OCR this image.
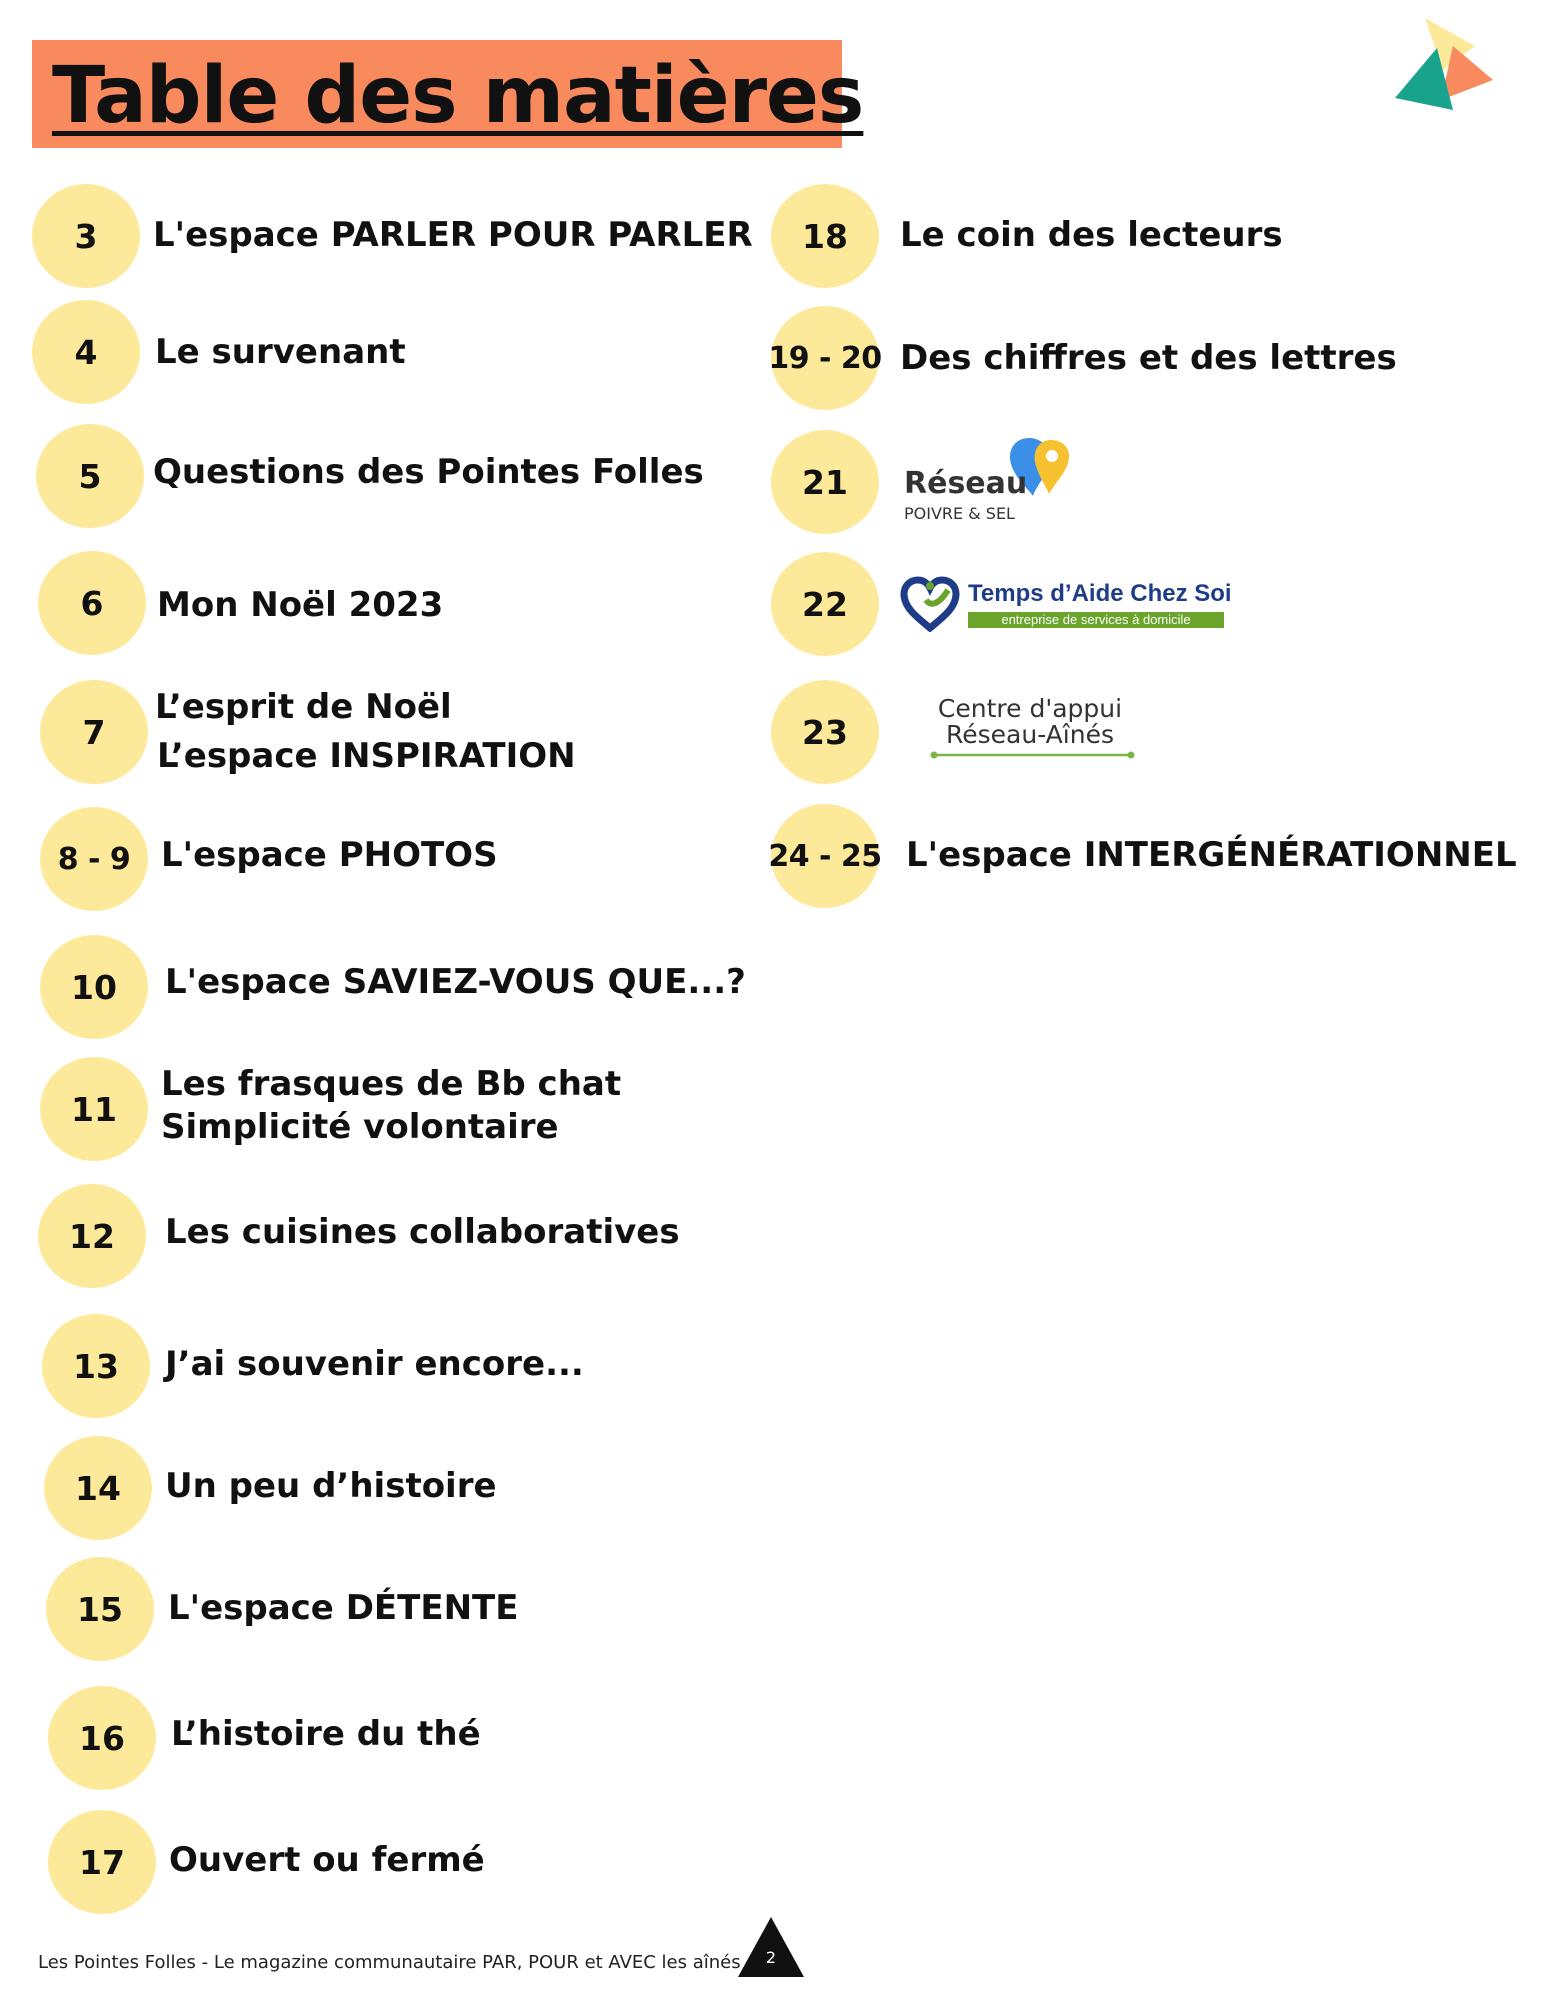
Table des matières
3	L'espace PARLER POUR PARLER
4	Le survenant
5	Questions des Pointes Folles
6	Mon Noël 2023
7
L’esprit de Noël
L’espace INSPIRATION
8 - 9 L'espace PHOTOS
10	L'espace SAVIEZ-VOUS QUE...?
11
Les frasques de Bb chat
Simplicité volontaire
12	Les cuisines collaboratives
13	J’ai souvenir encore...
14	Un peu d’histoire
15	L'espace DÉTENTE
16	L’histoire du thé
17	Ouvert ou fermé
18	Le coin des lecteurs
19 - 20 Des chiffres et des lettres
21	Réseau
POIVRE & SEL
22	Temps d’Aide Chez Soi
entreprise de services à domicile
23
Centre d'appui
Réseau-Aînés
24 - 25 L'espace INTERGÉNÉRATIONNEL
Les Pointes Folles - Le magazine communautaire PAR, POUR et AVEC les aînés	2
